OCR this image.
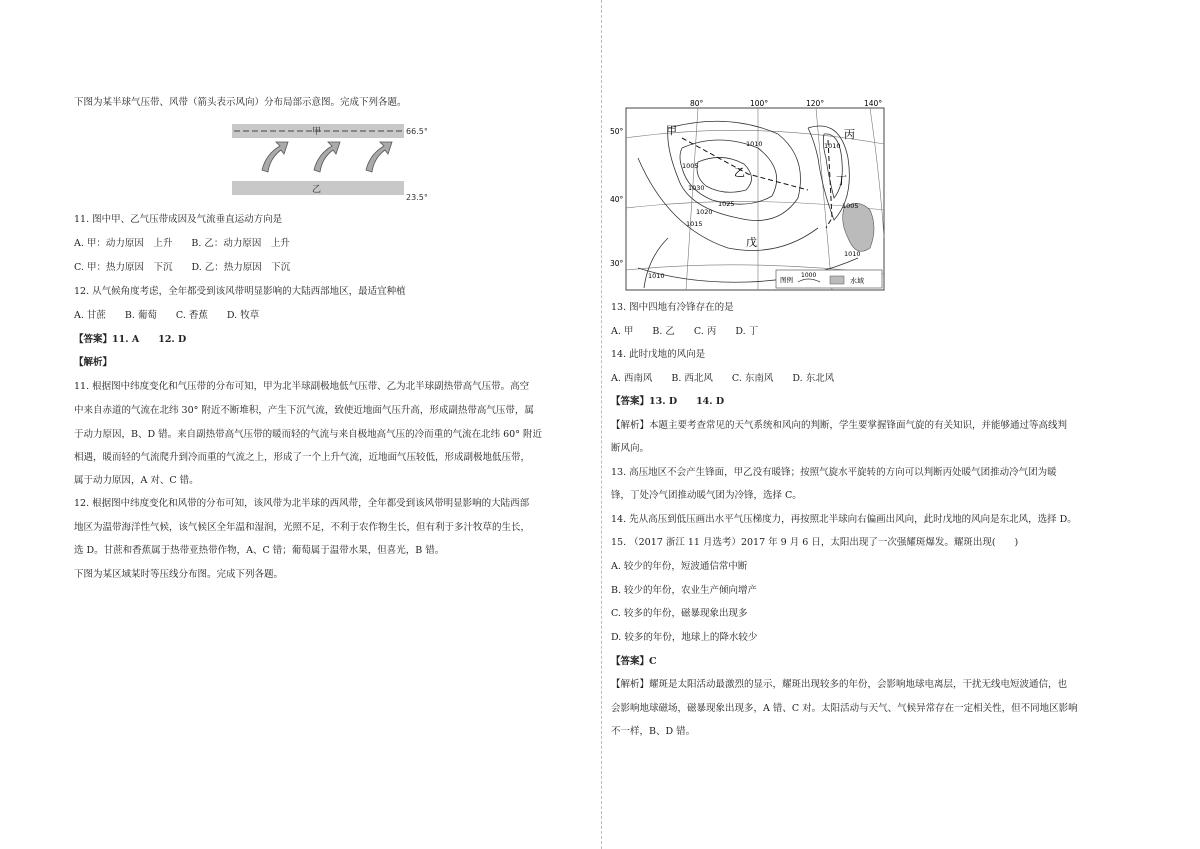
下图为某半球气压带、风带（箭头表示风向）分布局部示意图。完成下列各题。
甲	66.5°
乙
23.5°
11. 图中甲、乙气压带成因及气流垂直运动方向是
A. 甲：动力原因　上升　　B. 乙：动力原因　上升
C. 甲：热力原因　下沉　　D. 乙：热力原因　下沉
12. 从气候角度考虑，全年都受到该风带明显影响的大陆西部地区，最适宜种植
A. 甘蔗　　B. 葡萄　　C. 香蕉　　D. 牧草
【答案】11. A　　12. D
【解析】
11. 根据图中纬度变化和气压带的分布可知，甲为北半球副极地低气压带、乙为北半球副热带高气压带。高空
中来自赤道的气流在北纬 30° 附近不断堆积，产生下沉气流，致使近地面气压升高，形成副热带高气压带，属
于动力原因，B、D 错。来自副热带高气压带的暖而轻的气流与来自极地高气压的冷而重的气流在北纬 60° 附近
相遇，暖而轻的气流爬升到冷而重的气流之上，形成了一个上升气流，近地面气压较低，形成副极地低压带，
属于动力原因，A 对、C 错。
12. 根据图中纬度变化和风带的分布可知，该风带为北半球的西风带，全年都受到该风带明显影响的大陆西部
地区为温带海洋性气候，该气候区全年温和湿润，光照不足，不利于农作物生长，但有利于多汁牧草的生长，
选 D。甘蔗和香蕉属于热带亚热带作物，A、C 错；葡萄属于温带水果，但喜光，B 错。
下图为某区域某时等压线分布图。完成下列各题。
80°	100°	120°	140°
50°
40°
30°
1005
1010
1030
1025
1020
1015
1010
1005
1010
1010
甲
乙
丙
丁
戊
图例
1000
水域
13. 图中四地有冷锋存在的是
A. 甲　　B. 乙　　C. 丙　　D. 丁
14. 此时戊地的风向是
A. 西南风　　B. 西北风　　C. 东南风　　D. 东北风
【答案】13. D　　14. D
【解析】本题主要考查常见的天气系统和风向的判断，学生要掌握锋面气旋的有关知识，并能够通过等高线判
断风向。
13. 高压地区不会产生锋面，甲乙没有暖锋；按照气旋水平旋转的方向可以判断丙处暖气团推动冷气团为暖
锋，丁处冷气团推动暖气团为冷锋，选择 C。
14. 先从高压到低压画出水平气压梯度力，再按照北半球向右偏画出风向，此时戊地的风向是东北风，选择 D。
15. （2017 浙江 11 月选考）2017 年 9 月 6 日，太阳出现了一次强耀斑爆发。耀斑出现(　　)
A. 较少的年份，短波通信常中断
B. 较少的年份，农业生产倾向增产
C. 较多的年份，磁暴现象出现多
D. 较多的年份，地球上的降水较少
【答案】C
【解析】耀斑是太阳活动最激烈的显示，耀斑出现较多的年份，会影响地球电离层，干扰无线电短波通信，也
会影响地球磁场，磁暴现象出现多，A 错、C 对。太阳活动与天气、气候异常存在一定相关性，但不同地区影响
不一样，B、D 错。
